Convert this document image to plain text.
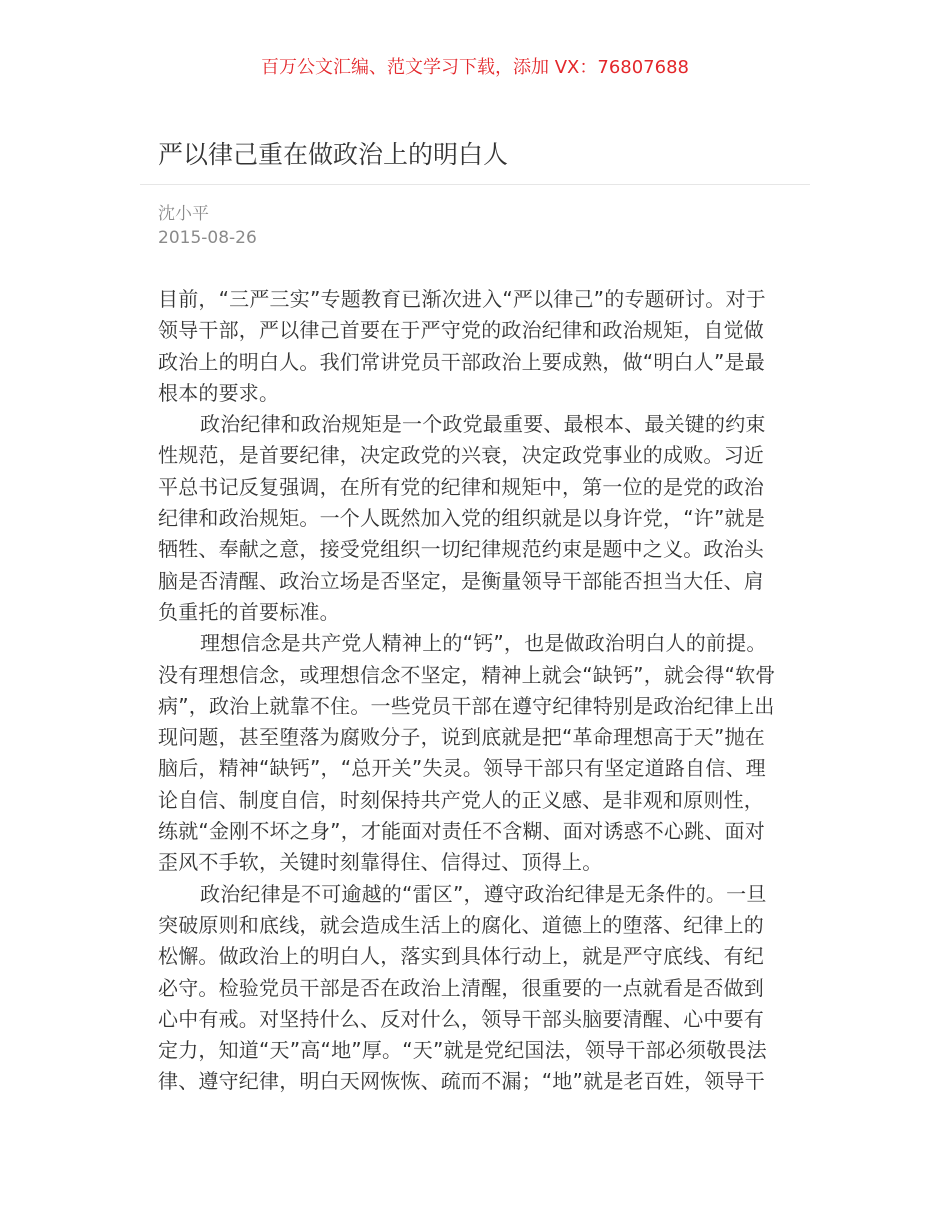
百万公文汇编、范文学习下载，添加 VX：76807688
严以律己重在做政治上的明白人
沈小平
2015-08-26
目前，“三严三实”专题教育已渐次进入“严以律己”的专题研讨。对于
领导干部，严以律己首要在于严守党的政治纪律和政治规矩，自觉做
政治上的明白人。我们常讲党员干部政治上要成熟，做“明白人”是最
根本的要求。
政治纪律和政治规矩是一个政党最重要、最根本、最关键的约束
性规范，是首要纪律，决定政党的兴衰，决定政党事业的成败。习近
平总书记反复强调，在所有党的纪律和规矩中，第一位的是党的政治
纪律和政治规矩。一个人既然加入党的组织就是以身许党，“许”就是
牺牲、奉献之意，接受党组织一切纪律规范约束是题中之义。政治头
脑是否清醒、政治立场是否坚定，是衡量领导干部能否担当大任、肩
负重托的首要标准。
理想信念是共产党人精神上的“钙”，也是做政治明白人的前提。
没有理想信念，或理想信念不坚定，精神上就会“缺钙”，就会得“软骨
病”，政治上就靠不住。一些党员干部在遵守纪律特别是政治纪律上出
现问题，甚至堕落为腐败分子，说到底就是把“革命理想高于天”抛在
脑后，精神“缺钙”，“总开关”失灵。领导干部只有坚定道路自信、理
论自信、制度自信，时刻保持共产党人的正义感、是非观和原则性，
练就“金刚不坏之身”，才能面对责任不含糊、面对诱惑不心跳、面对
歪风不手软，关键时刻靠得住、信得过、顶得上。
政治纪律是不可逾越的“雷区”，遵守政治纪律是无条件的。一旦
突破原则和底线，就会造成生活上的腐化、道德上的堕落、纪律上的
松懈。做政治上的明白人，落实到具体行动上，就是严守底线、有纪
必守。检验党员干部是否在政治上清醒，很重要的一点就看是否做到
心中有戒。对坚持什么、反对什么，领导干部头脑要清醒、心中要有
定力，知道“天”高“地”厚。“天”就是党纪国法，领导干部必须敬畏法
律、遵守纪律，明白天网恢恢、疏而不漏；“地”就是老百姓，领导干
